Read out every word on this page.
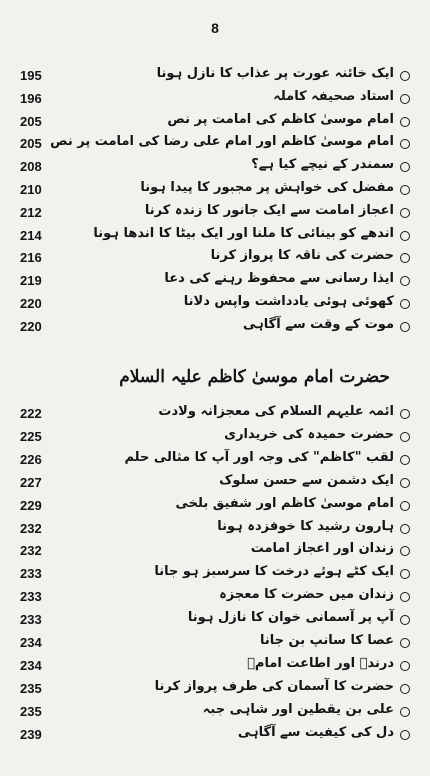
8
195	ایک خائنہ عورت پر عذاب کا نازل ہونا
196	استاد صحیفہ کاملہ
205	امام موسیٰ کاظم کی امامت پر نص
205 امام موسیٰ کاظم اور امام علی رضا کی امامت پر نص
208	سمندر کے نیچے کیا ہے؟
210	مفضل کی خواہش پر مجبور کا پیدا ہونا
212	اعجاز امامت سے ایک جانور کا زندہ کرنا
214	اندھے کو بینائی کا ملنا اور ایک بیٹا کا اندھا ہونا
216	حضرت کی ناقہ کا پرواز کرنا
219	ایذا رسانی سے محفوظ رہنے کی دعا
220	کھوئی ہوئی یادداشت واپس دلانا
220	موت کے وقت سے آگاہی
حضرت امام موسیٰ کاظم علیہ السلام
222	ائمہ علیہم السلام کی معجزانہ ولادت
225	حضرت حمیدہ کی خریداری
226	لقب "کاظم" کی وجہ اور آپ کا مثالی حلم
227	ایک دشمن سے حسن سلوک
229	امام موسیٰ کاظم اور شفیق بلخی
232	ہارون رشید کا خوفزدہ ہونا
232	زندان اور اعجاز امامت
233	ایک کٹے ہوئے درخت کا سرسبز ہو جانا
233	زندان میں حضرت کا معجزہ
233	آپ پر آسمانی خوان کا نازل ہونا
234	عصا کا سانپ بن جانا
234	درندے اور اطاعت امامؑ
235	حضرت کا آسمان کی طرف پرواز کرنا
235	علی بن یقطین اور شاہی جبہ
239	دل کی کیفیت سے آگاہی
